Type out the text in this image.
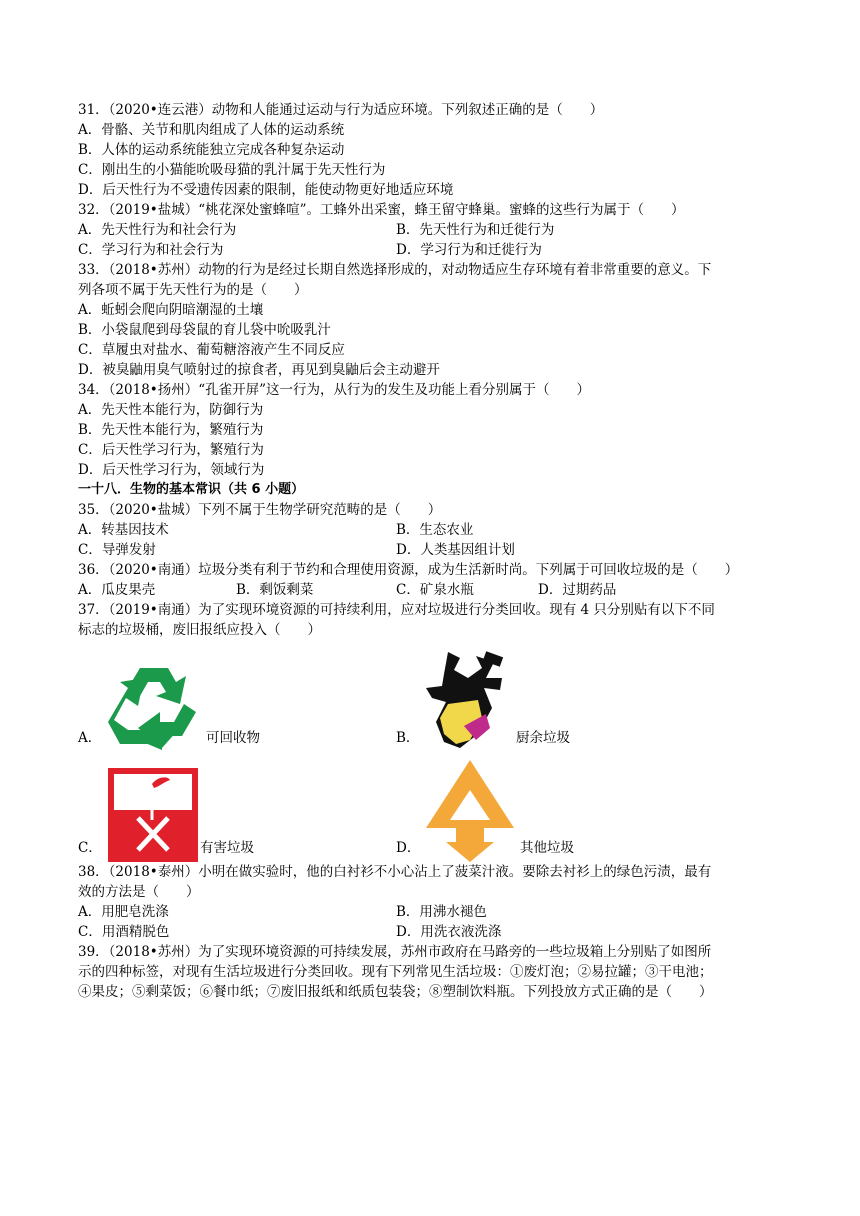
31．（2020•连云港）动物和人能通过运动与行为适应环境。下列叙述正确的是（　　）
A．骨骼、关节和肌肉组成了人体的运动系统
B．人体的运动系统能独立完成各种复杂运动
C．刚出生的小猫能吮吸母猫的乳汁属于先天性行为
D．后天性行为不受遗传因素的限制，能使动物更好地适应环境
32．（2019•盐城）“桃花深处蜜蜂喧”。工蜂外出采蜜，蜂王留守蜂巢。蜜蜂的这些行为属于（　　）
A．先天性行为和社会行为	B．先天性行为和迁徙行为
C．学习行为和社会行为	D．学习行为和迁徙行为
33．（2018•苏州）动物的行为是经过长期自然选择形成的，对动物适应生存环境有着非常重要的意义。下
列各项不属于先天性行为的是（　　）
A．蚯蚓会爬向阴暗潮湿的土壤
B．小袋鼠爬到母袋鼠的育儿袋中吮吸乳汁
C．草履虫对盐水、葡萄糖溶液产生不同反应
D．被臭鼬用臭气喷射过的掠食者，再见到臭鼬后会主动避开
34．（2018•扬州）“孔雀开屏”这一行为，从行为的发生及功能上看分别属于（　　）
A．先天性本能行为，防御行为
B．先天性本能行为，繁殖行为
C．后天性学习行为，繁殖行为
D．后天性学习行为，领域行为
一十八．生物的基本常识（共 6 小题）
35．（2020•盐城）下列不属于生物学研究范畴的是（　　）
A．转基因技术	B．生态农业
C．导弹发射	D．人类基因组计划
36．（2020•南通）垃圾分类有利于节约和合理使用资源，成为生活新时尚。下列属于可回收垃圾的是（　　）
A．瓜皮果壳	B．剩饭剩菜	C．矿泉水瓶	D．过期药品
37．（2019•南通）为了实现环境资源的可持续利用，应对垃圾进行分类回收。现有 4 只分别贴有以下不同
标志的垃圾桶，废旧报纸应投入（　　）
A．	可回收物	B．	厨余垃圾
C．	有害垃圾	D．	其他垃圾
38．（2018•泰州）小明在做实验时，他的白衬衫不小心沾上了菠菜汁液。要除去衬衫上的绿色污渍，最有
效的方法是（　　）
A．用肥皂洗涤	B．用沸水褪色
C．用酒精脱色	D．用洗衣液洗涤
39．（2018•苏州）为了实现环境资源的可持续发展，苏州市政府在马路旁的一些垃圾箱上分别贴了如图所
示的四种标签，对现有生活垃圾进行分类回收。现有下列常见生活垃圾：①废灯泡；②易拉罐；③干电池；
④果皮；⑤剩菜饭；⑥餐巾纸；⑦废旧报纸和纸质包装袋；⑧塑制饮料瓶。下列投放方式正确的是（　　）
